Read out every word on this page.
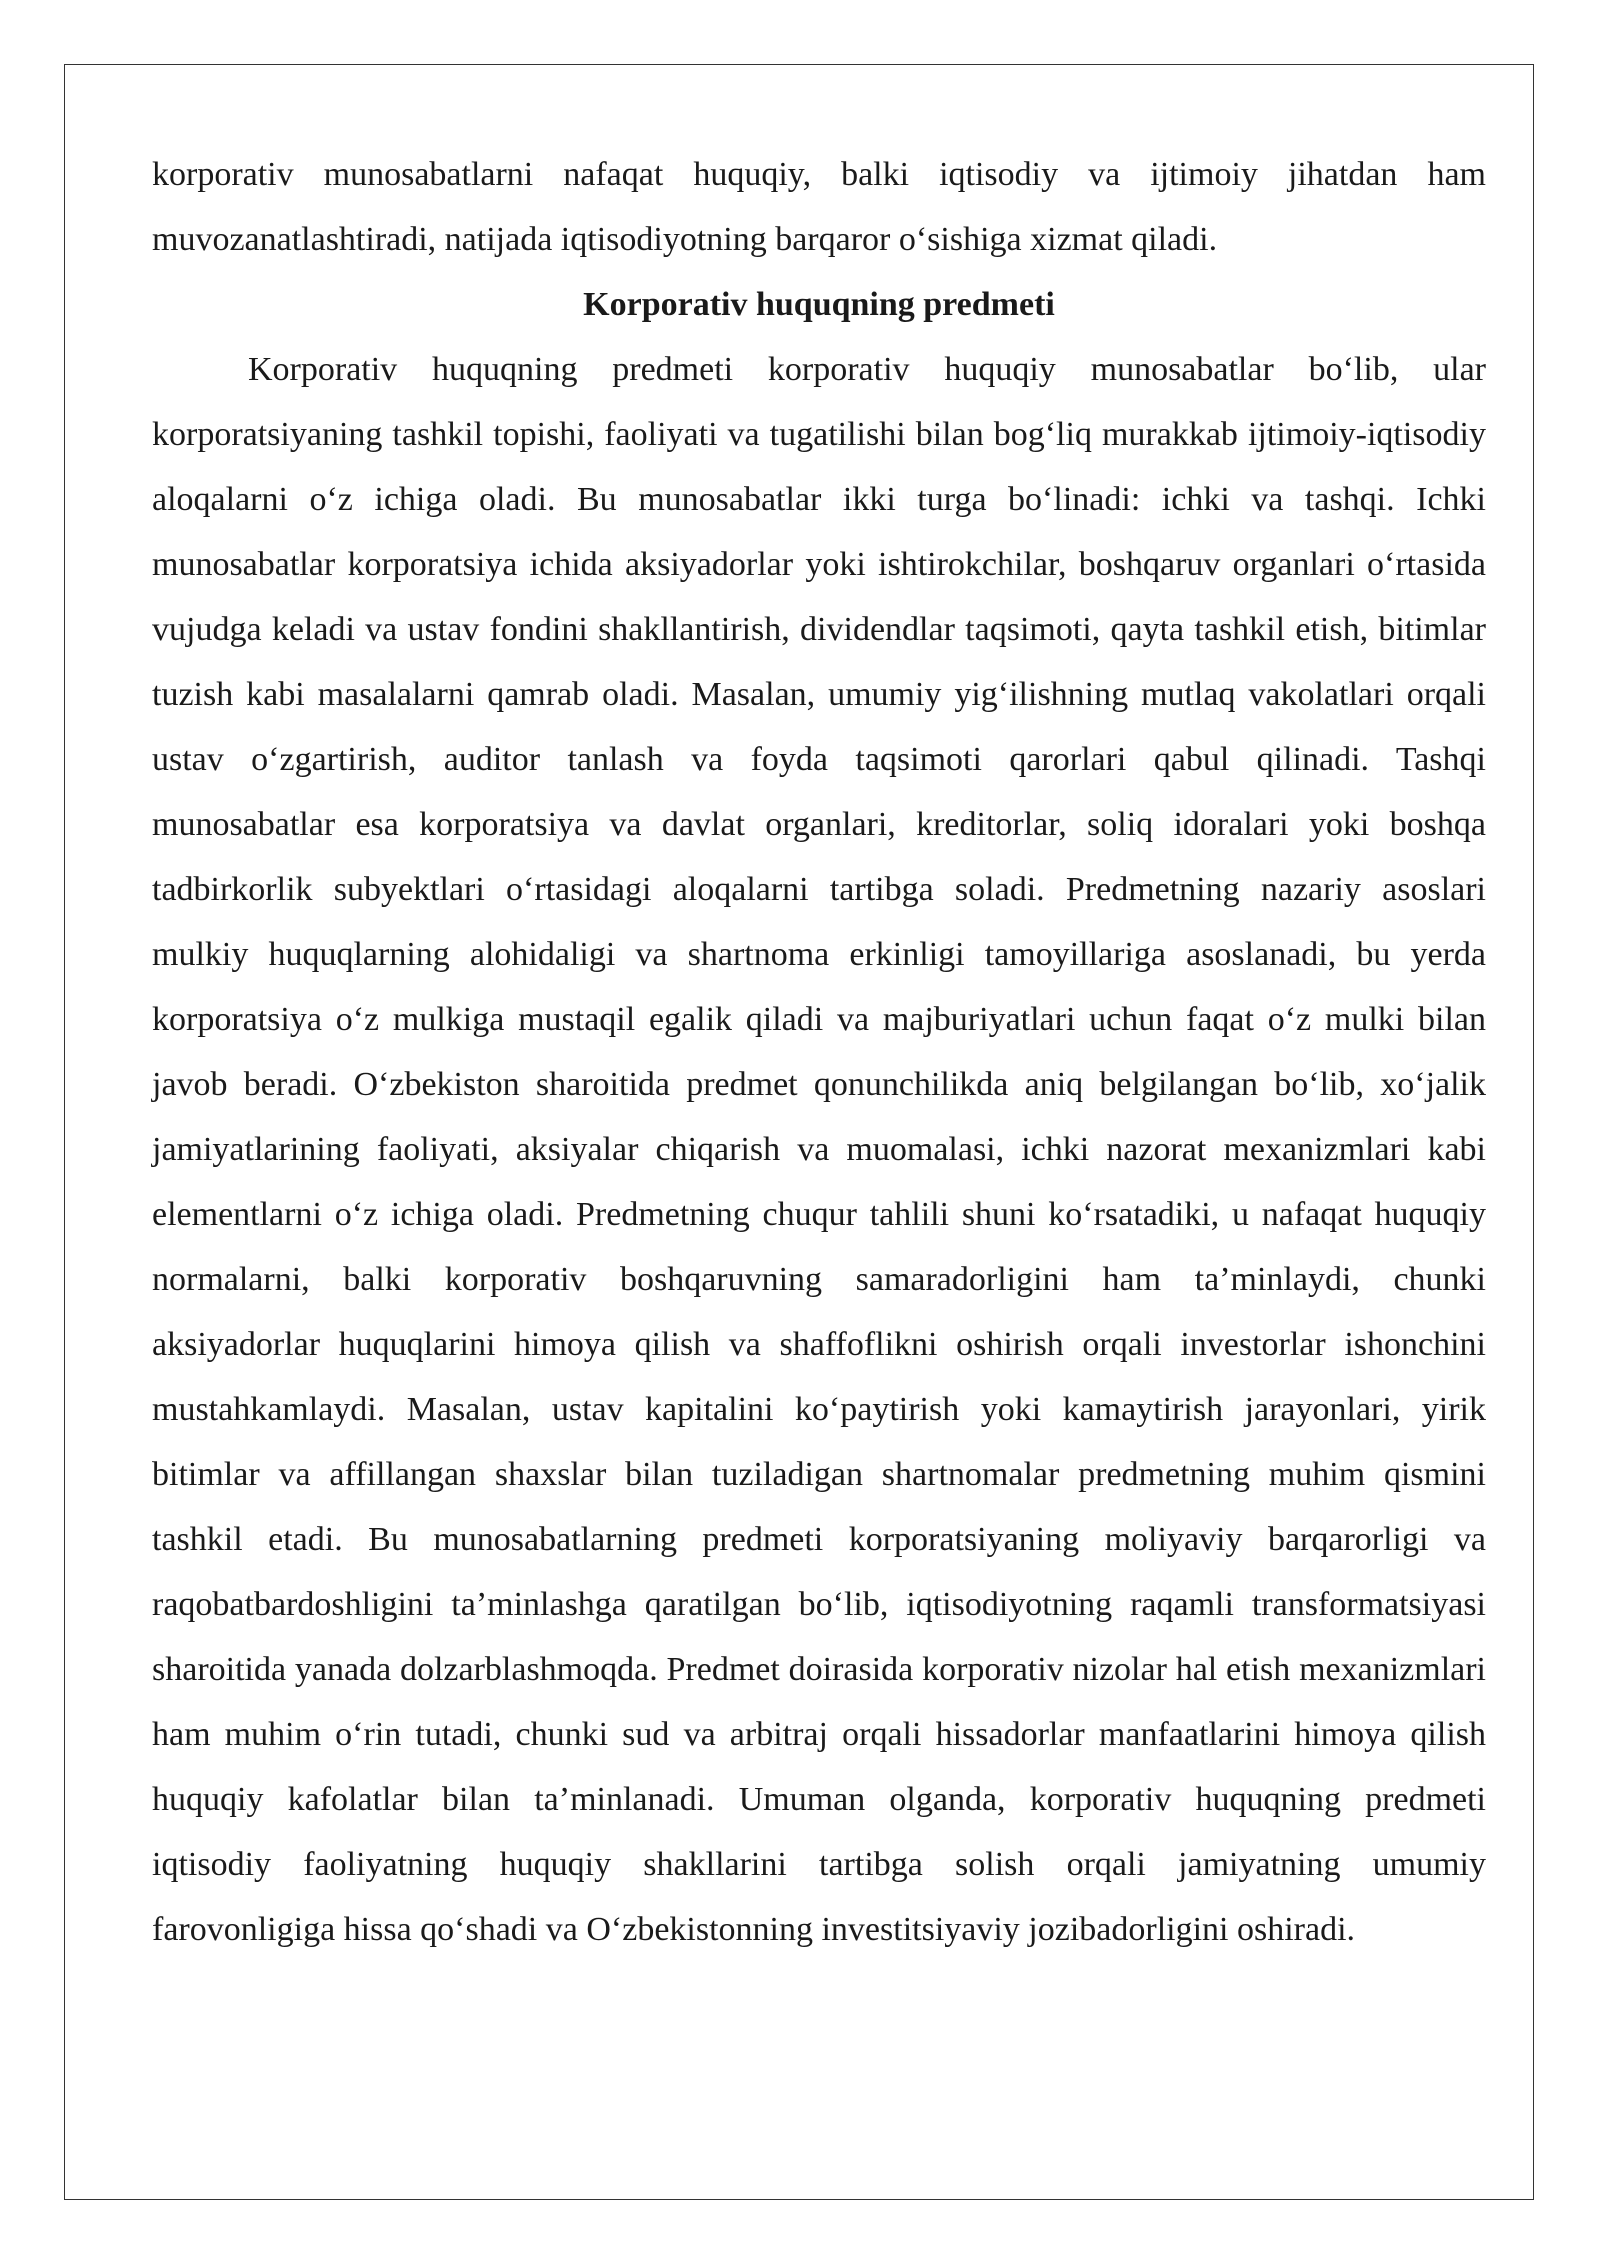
korporativ munosabatlarni nafaqat huquqiy, balki iqtisodiy va ijtimoiy jihatdan ham muvozanatlashtiradi, natijada iqtisodiyotning barqaror o‘sishiga xizmat qiladi.

Korporativ huquqning predmeti

Korporativ huquqning predmeti korporativ huquqiy munosabatlar bo‘lib, ular korporatsiyaning tashkil topishi, faoliyati va tugatilishi bilan bog‘liq murakkab ijtimoiy-iqtisodiy aloqalarni o‘z ichiga oladi. Bu munosabatlar ikki turga bo‘linadi: ichki va tashqi. Ichki munosabatlar korporatsiya ichida aksiyadorlar yoki ishtirokchilar, boshqaruv organlari o‘rtasida vujudga keladi va ustav fondini shakllantirish, dividendlar taqsimoti, qayta tashkil etish, bitimlar tuzish kabi masalalarni qamrab oladi. Masalan, umumiy yig‘ilishning mutlaq vakolatlari orqali ustav o‘zgartirish, auditor tanlash va foyda taqsimoti qarorlari qabul qilinadi. Tashqi munosabatlar esa korporatsiya va davlat organlari, kreditorlar, soliq idoralari yoki boshqa tadbirkorlik subyektlari o‘rtasidagi aloqalarni tartibga soladi. Predmetning nazariy asoslari mulkiy huquqlarning alohidaligi va shartnoma erkinligi tamoyillariga asoslanadi, bu yerda korporatsiya o‘z mulkiga mustaqil egalik qiladi va majburiyatlari uchun faqat o‘z mulki bilan javob beradi. O‘zbekiston sharoitida predmet qonunchilikda aniq belgilangan bo‘lib, xo‘jalik jamiyatlarining faoliyati, aksiyalar chiqarish va muomalasi, ichki nazorat mexanizmlari kabi elementlarni o‘z ichiga oladi. Predmetning chuqur tahlili shuni ko‘rsatadiki, u nafaqat huquqiy normalarni, balki korporativ boshqaruvning samaradorligini ham ta’minlaydi, chunki aksiyadorlar huquqlarini himoya qilish va shaffoflikni oshirish orqali investorlar ishonchini mustahkamlaydi. Masalan, ustav kapitalini ko‘paytirish yoki kamaytirish jarayonlari, yirik bitimlar va affillangan shaxslar bilan tuziladigan shartnomalar predmetning muhim qismini tashkil etadi. Bu munosabatlarning predmeti korporatsiyaning moliyaviy barqarorligi va raqobatbardoshligini ta’minlashga qaratilgan bo‘lib, iqtisodiyotning raqamli transformatsiyasi sharoitida yanada dolzarblashmoqda. Predmet doirasida korporativ nizolar hal etish mexanizmlari ham muhim o‘rin tutadi, chunki sud va arbitraj orqali hissadorlar manfaatlarini himoya qilish huquqiy kafolatlar bilan ta’minlanadi. Umuman olganda, korporativ huquqning predmeti iqtisodiy faoliyatning huquqiy shakllarini tartibga solish orqali jamiyatning umumiy farovonligiga hissa qo‘shadi va O‘zbekistonning investitsiyaviy jozibadorligini oshiradi.
